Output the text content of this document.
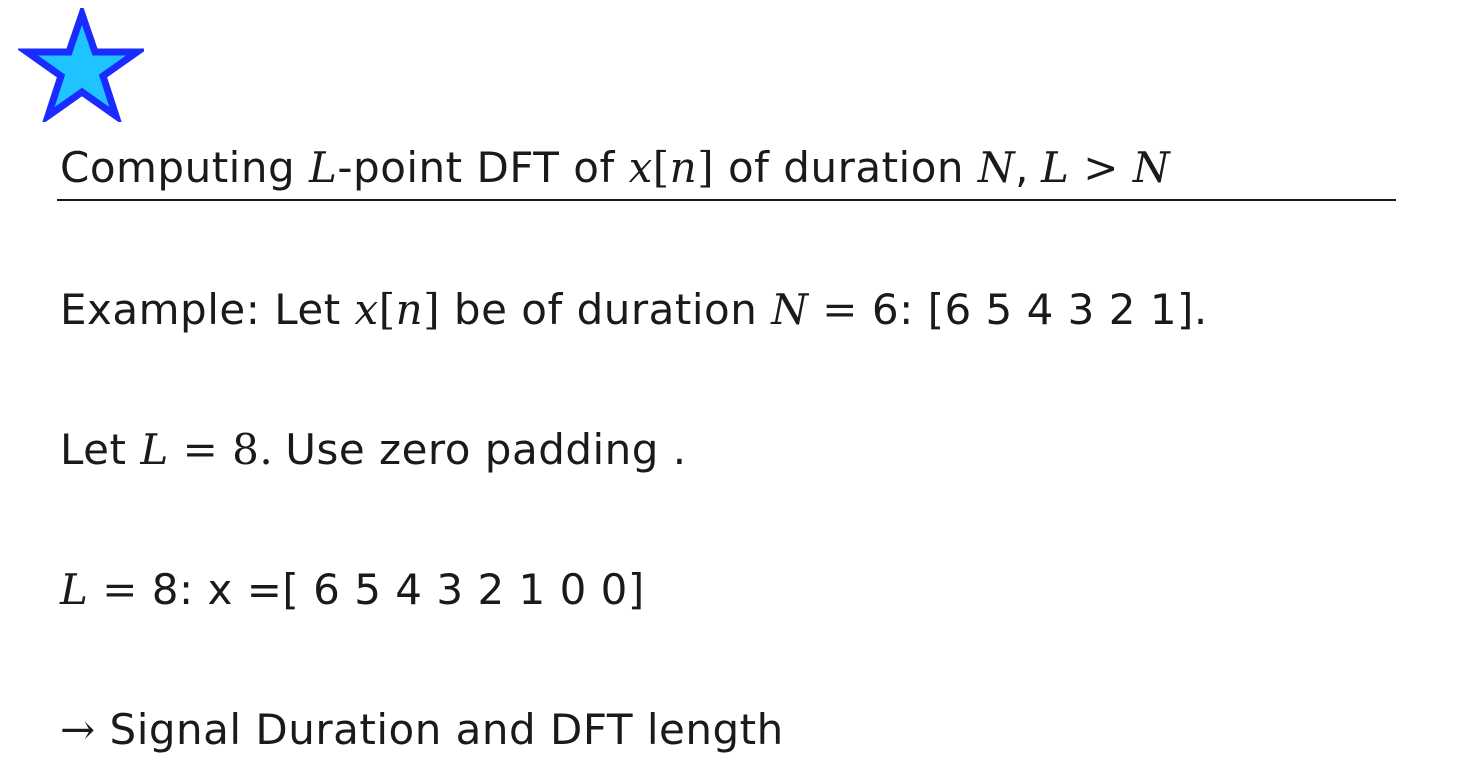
Computing L-point DFT of x[n] of duration N, L > N
Example: Let x[n] be of duration N = 6: [6 5 4 3 2 1].
Let L = 8. Use zero padding .
L = 8: x =[ 6 5 4 3 2 1 0 0]
→ Signal Duration and DFT length
